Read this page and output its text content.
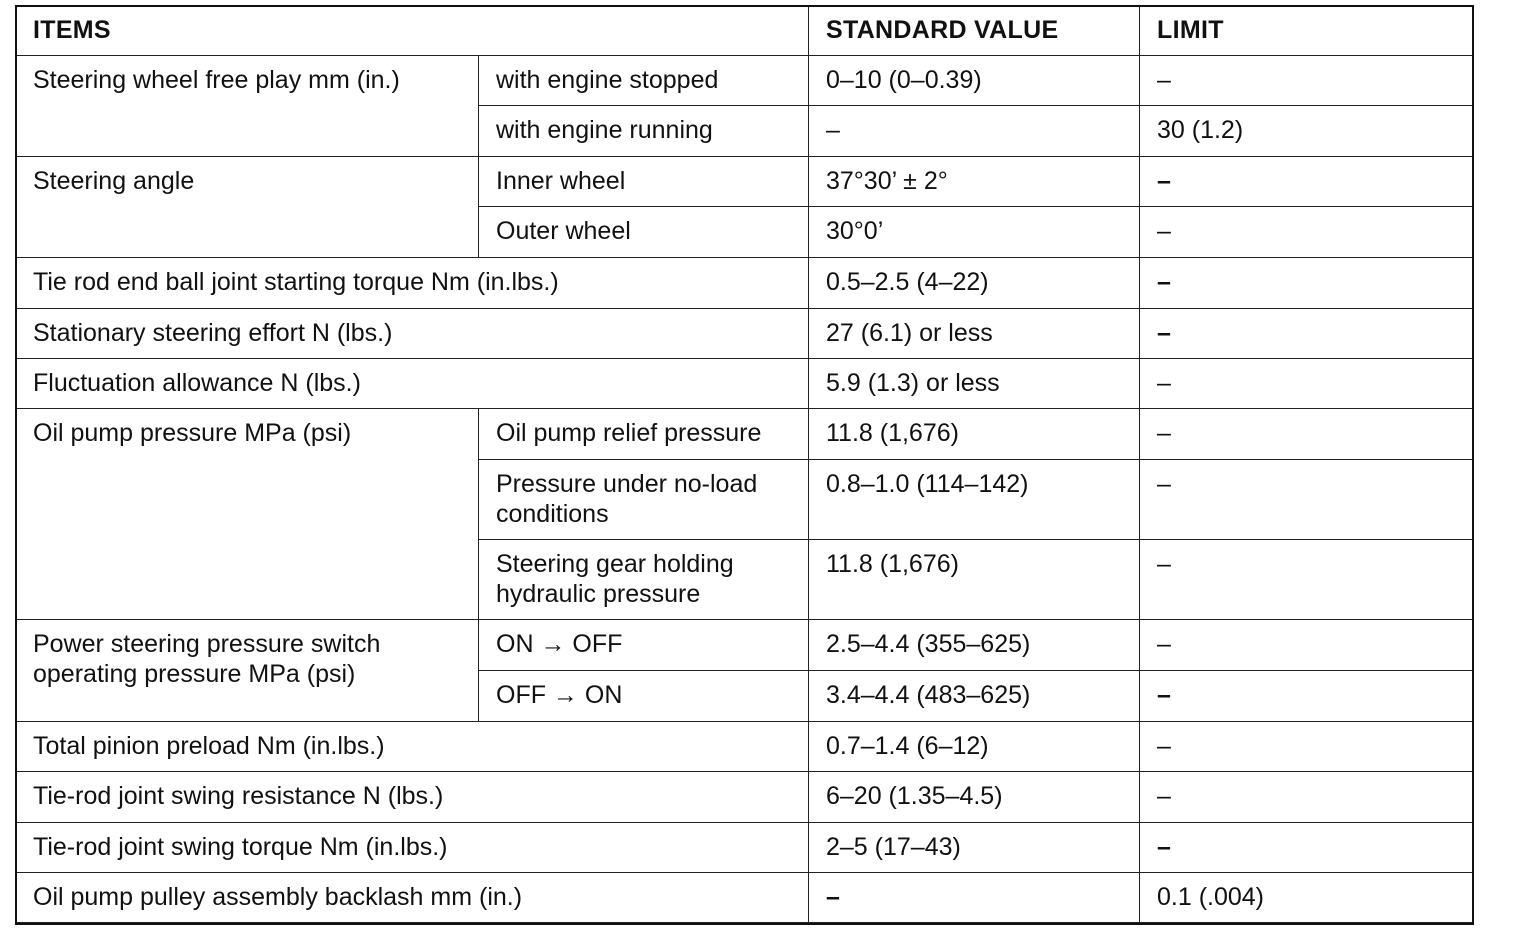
ITEMS		STANDARD VALUE	LIMIT
Steering wheel free play mm (in.)	with engine stopped	0–10 (0–0.39)	–
	with engine running	–	30 (1.2)
Steering angle	Inner wheel	37°30’ ± 2°	–
	Outer wheel	30°0’	–
Tie rod end ball joint starting torque Nm (in.lbs.)		0.5–2.5 (4–22)	–
Stationary steering effort N (lbs.)		27 (6.1) or less	–
Fluctuation allowance N (lbs.)		5.9 (1.3) or less	–
Oil pump pressure MPa (psi)	Oil pump relief pressure	11.8 (1,676)	–
	Pressure under no-load conditions	0.8–1.0 (114–142)	–
	Steering gear holding hydraulic pressure	11.8 (1,676)	–
Power steering pressure switch operating pressure MPa (psi)	ON → OFF	2.5–4.4 (355–625)	–
	OFF → ON	3.4–4.4 (483–625)	–
Total pinion preload Nm (in.lbs.)		0.7–1.4 (6–12)	–
Tie-rod joint swing resistance N (lbs.)		6–20 (1.35–4.5)	–
Tie-rod joint swing torque Nm (in.lbs.)		2–5 (17–43)	–
Oil pump pulley assembly backlash mm (in.)		–	0.1 (.004)
